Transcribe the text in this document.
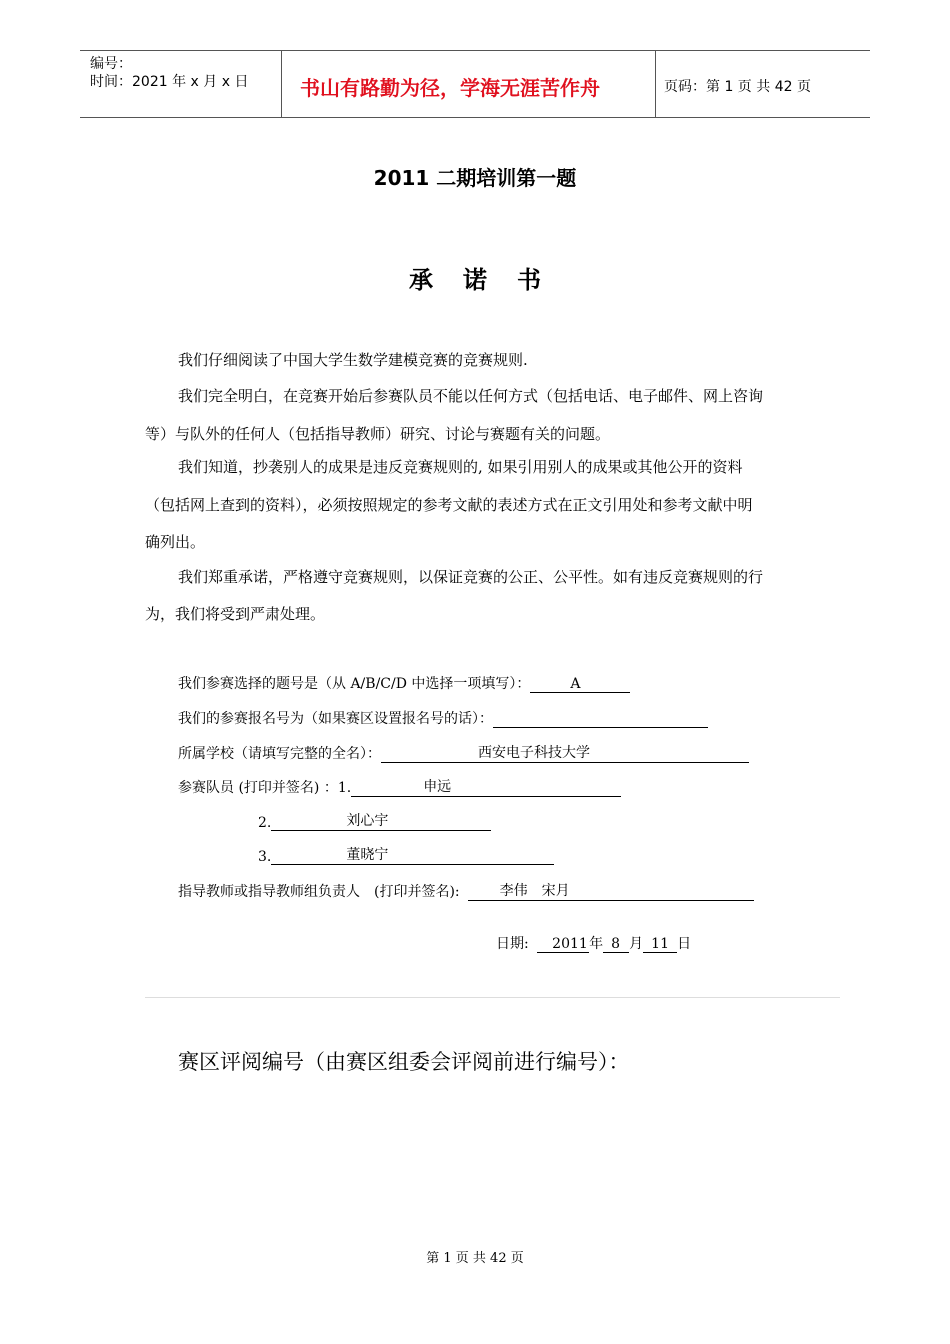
编号：
时间：2021 年 x 月 x 日	书山有路勤为径，学海无涯苦作舟	页码：第 1 页 共 42 页
2011 二期培训第一题
承诺书
我们仔细阅读了中国大学生数学建模竞赛的竞赛规则.
我们完全明白，在竞赛开始后参赛队员不能以任何方式（包括电话、电子邮件、网上咨询
等）与队外的任何人（包括指导教师）研究、讨论与赛题有关的问题。
我们知道，抄袭别人的成果是违反竞赛规则的, 如果引用别人的成果或其他公开的资料
（包括网上查到的资料），必须按照规定的参考文献的表述方式在正文引用处和参考文献中明
确列出。
我们郑重承诺，严格遵守竞赛规则，以保证竞赛的公正、公平性。如有违反竞赛规则的行
为，我们将受到严肃处理。
我们参赛选择的题号是（从 A/B/C/D 中选择一项填写）：	A
我们的参赛报名号为（如果赛区设置报名号的话）：
所属学校（请填写完整的全名）：	西安电子科技大学
参赛队员 (打印并签名) ：1.	申远
2.	刘心宇
3.	董晓宁
指导教师或指导教师组负责人　(打印并签名):	李伟　宋月
日期: 2011 年 8 月 11 日
赛区评阅编号（由赛区组委会评阅前进行编号）：
第 1 页 共 42 页
